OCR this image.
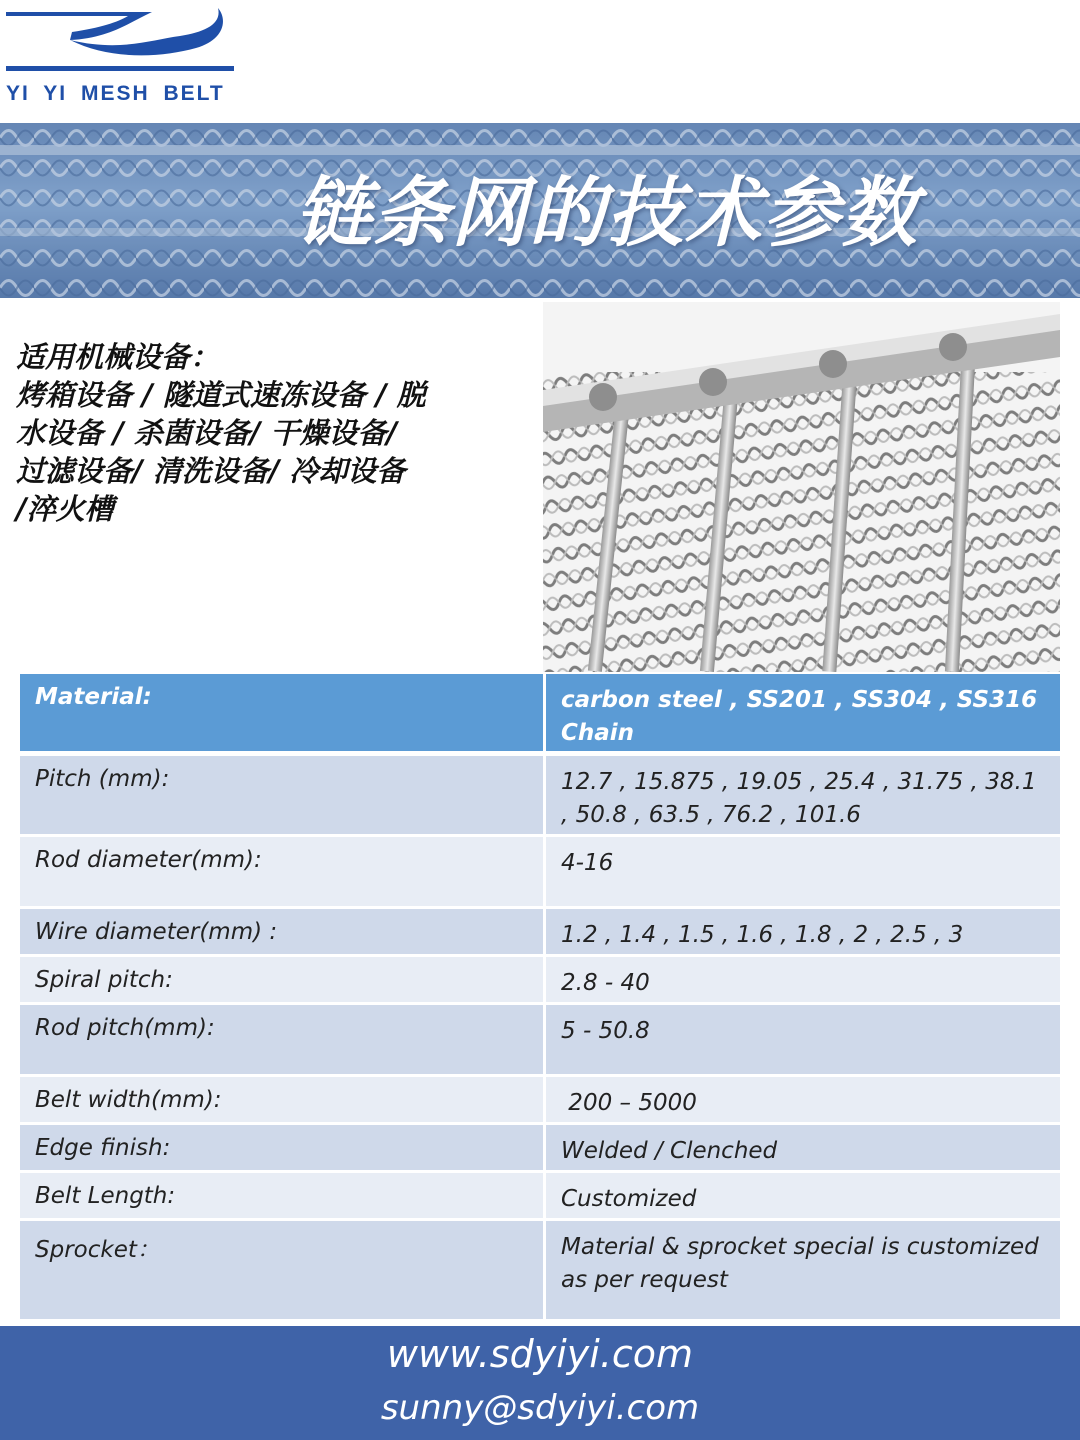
YI YI MESH BELT
链条网的技术参数
适用机械设备：
烤箱设备 / 隧道式速冻设备 / 脱
水设备 / 杀菌设备/ 干燥设备/
过滤设备/ 清洗设备/ 冷却设备
/淬火槽
Material:	carbon steel , SS201 , SS304 , SS316 Chain
Pitch (mm):	12.7 , 15.875 , 19.05 , 25.4 , 31.75 , 38.1 , 50.8 , 63.5 , 76.2 , 101.6
Rod diameter(mm):	4-16
Wire diameter(mm) :	1.2 , 1.4 , 1.5 , 1.6 , 1.8 , 2 , 2.5 , 3
Spiral pitch:	2.8 - 40
Rod pitch(mm):	5 - 50.8
Belt width(mm):	200 – 5000
Edge finish:	Welded / Clenched
Belt Length:	Customized
Sprocket：	Material & sprocket special is customized as per request
www.sdyiyi.com
sunny@sdyiyi.com
